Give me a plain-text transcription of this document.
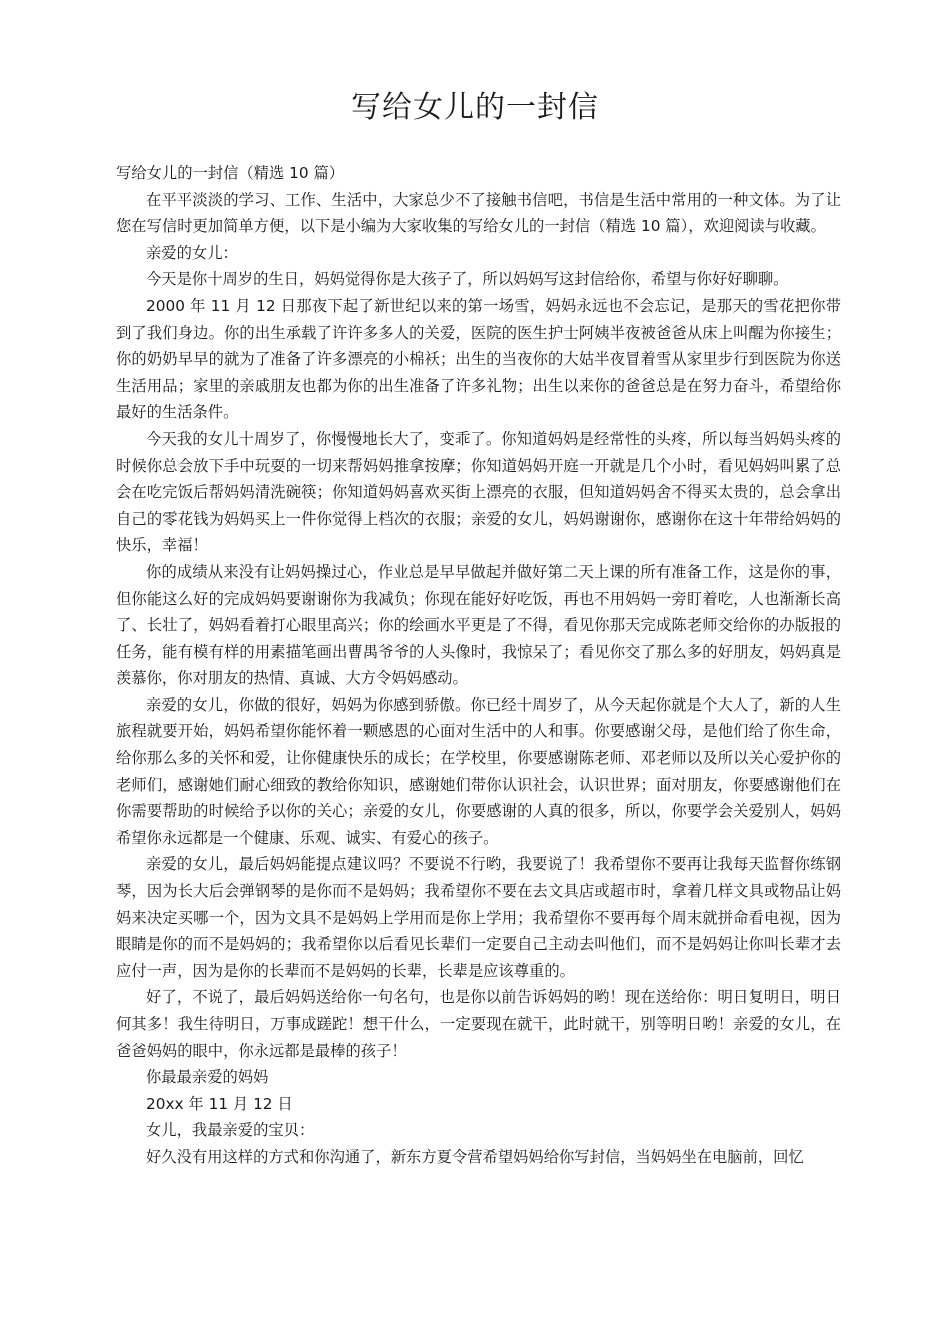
写给女儿的一封信

写给女儿的一封信（精选 10 篇）

在平平淡淡的学习、工作、生活中，大家总少不了接触书信吧，书信是生活中常用的一种文体。为了让您在写信时更加简单方便，以下是小编为大家收集的写给女儿的一封信（精选 10 篇），欢迎阅读与收藏。

亲爱的女儿：

今天是你十周岁的生日，妈妈觉得你是大孩子了，所以妈妈写这封信给你，希望与你好好聊聊。

2000 年 11 月 12 日那夜下起了新世纪以来的第一场雪，妈妈永远也不会忘记，是那天的雪花把你带到了我们身边。你的出生承载了许许多多人的关爱，医院的医生护士阿姨半夜被爸爸从床上叫醒为你接生；你的奶奶早早的就为了准备了许多漂亮的小棉袄；出生的当夜你的大姑半夜冒着雪从家里步行到医院为你送生活用品；家里的亲戚朋友也都为你的出生准备了许多礼物；出生以来你的爸爸总是在努力奋斗，希望给你最好的生活条件。

今天我的女儿十周岁了，你慢慢地长大了，变乖了。你知道妈妈是经常性的头疼，所以每当妈妈头疼的时候你总会放下手中玩耍的一切来帮妈妈推拿按摩；你知道妈妈开庭一开就是几个小时，看见妈妈叫累了总会在吃完饭后帮妈妈清洗碗筷；你知道妈妈喜欢买街上漂亮的衣服，但知道妈妈舍不得买太贵的，总会拿出自己的零花钱为妈妈买上一件你觉得上档次的衣服；亲爱的女儿，妈妈谢谢你，感谢你在这十年带给妈妈的快乐，幸福！

你的成绩从来没有让妈妈操过心，作业总是早早做起并做好第二天上课的所有准备工作，这是你的事，但你能这么好的完成妈妈要谢谢你为我减负；你现在能好好吃饭，再也不用妈妈一旁盯着吃，人也渐渐长高了、长壮了，妈妈看着打心眼里高兴；你的绘画水平更是了不得，看见你那天完成陈老师交给你的办版报的任务，能有模有样的用素描笔画出曹禺爷爷的人头像时，我惊呆了；看见你交了那么多的好朋友，妈妈真是羡慕你，你对朋友的热情、真诚、大方令妈妈感动。

亲爱的女儿，你做的很好，妈妈为你感到骄傲。你已经十周岁了，从今天起你就是个大人了，新的人生旅程就要开始，妈妈希望你能怀着一颗感恩的心面对生活中的人和事。你要感谢父母，是他们给了你生命，给你那么多的关怀和爱，让你健康快乐的成长；在学校里，你要感谢陈老师、邓老师以及所以关心爱护你的老师们，感谢她们耐心细致的教给你知识，感谢她们带你认识社会，认识世界；面对朋友，你要感谢他们在你需要帮助的时候给予以你的关心；亲爱的女儿，你要感谢的人真的很多，所以，你要学会关爱别人，妈妈希望你永远都是一个健康、乐观、诚实、有爱心的孩子。

亲爱的女儿，最后妈妈能提点建议吗？不要说不行哟，我要说了！我希望你不要再让我每天监督你练钢琴，因为长大后会弹钢琴的是你而不是妈妈；我希望你不要在去文具店或超市时，拿着几样文具或物品让妈妈来决定买哪一个，因为文具不是妈妈上学用而是你上学用；我希望你不要再每个周末就拼命看电视，因为眼睛是你的而不是妈妈的；我希望你以后看见长辈们一定要自己主动去叫他们，而不是妈妈让你叫长辈才去应付一声，因为是你的长辈而不是妈妈的长辈，长辈是应该尊重的。

好了，不说了，最后妈妈送给你一句名句，也是你以前告诉妈妈的哟！现在送给你：明日复明日，明日何其多！我生待明日，万事成蹉跎！想干什么，一定要现在就干，此时就干，别等明日哟！亲爱的女儿，在爸爸妈妈的眼中，你永远都是最棒的孩子！

你最最亲爱的妈妈

20xx 年 11 月 12 日

女儿，我最亲爱的宝贝：

好久没有用这样的方式和你沟通了，新东方夏令营希望妈妈给你写封信，当妈妈坐在电脑前，回忆
